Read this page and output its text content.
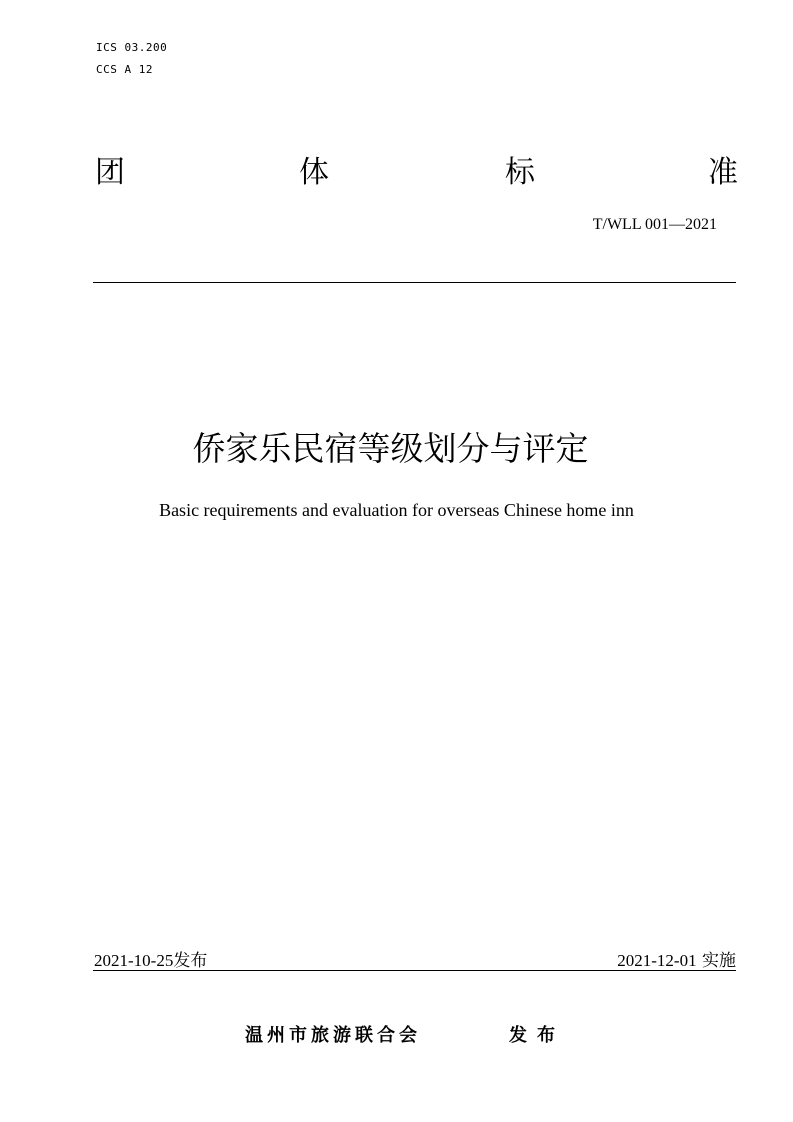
ICS 03.200
CCS A 12
团	体	标	准
T/WLL 001—2021
侨家乐民宿等级划分与评定
Basic requirements and evaluation for overseas Chinese home inn
2021-10-25发布	2021-12-01 实施
温州市旅游联合会	发布
